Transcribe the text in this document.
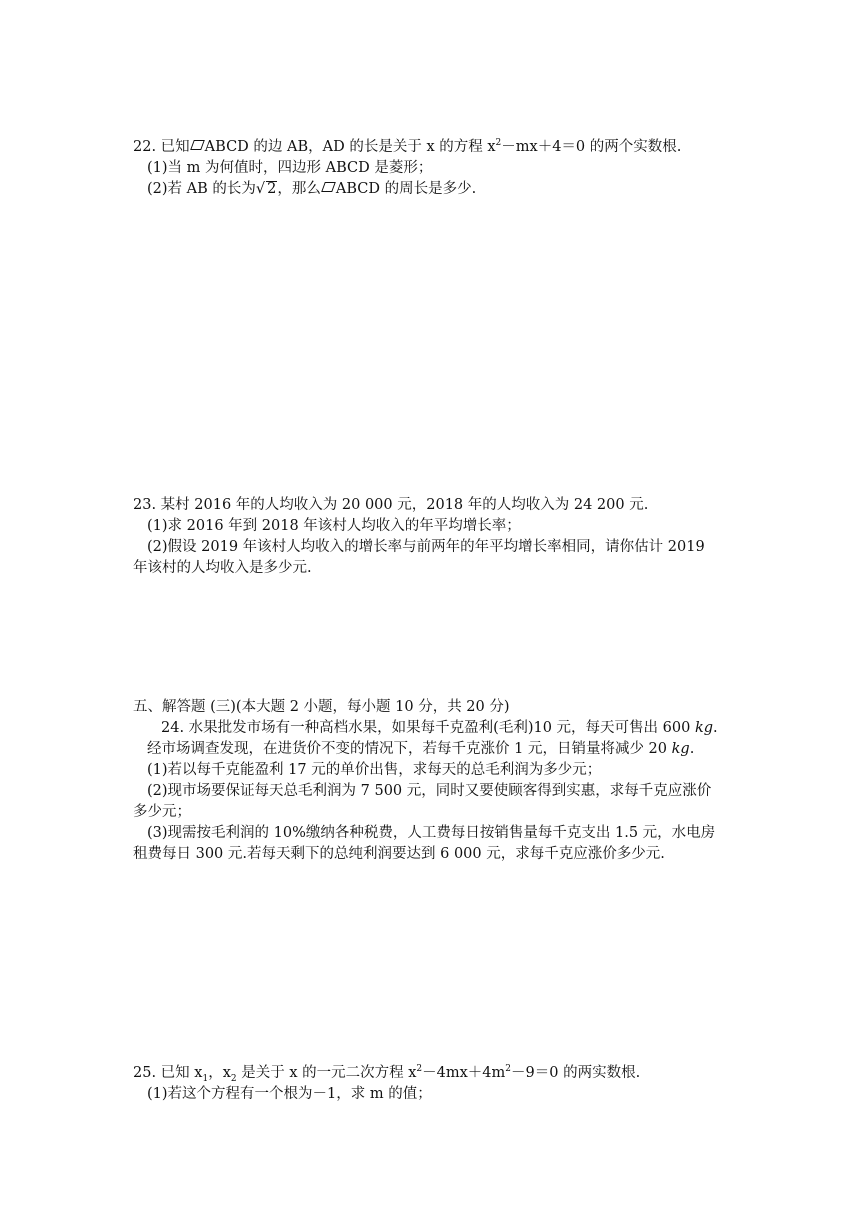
22. 已知 ABCD 的边 AB，AD 的长是关于 x 的方程 $x^2-mx+4=0$ 的两个实数根.
(1)当 m 为何值时，四边形 ABCD 是菱形；
(2)若 AB 的长为√ 2，那么 ABCD 的周长是多少.
23. 某村 2016 年的人均收入为 20 000 元，2018 年的人均收入为 24 200 元.
(1)求 2016 年到 2018 年该村人均收入的年平均增长率；
(2)假设 2019 年该村人均收入的增长率与前两年的年平均增长率相同，请你估计 2019
年该村的人均收入是多少元.
五、解答题 (三)(本大题 2 小题，每小题 10 分，共 20 分)
24. 水果批发市场有一种高档水果，如果每千克盈利(毛利)10 元，每天可售出 600 kg.
经市场调查发现，在进货价不变的情况下，若每千克涨价 1 元，日销量将减少 20 kg.
(1)若以每千克能盈利 17 元的单价出售，求每天的总毛利润为多少元；
(2)现市场要保证每天总毛利润为 7 500 元，同时又要使顾客得到实惠，求每千克应涨价
多少元；
(3)现需按毛利润的 10%缴纳各种税费，人工费每日按销售量每千克支出 1.5 元，水电房
租费每日 300 元.若每天剩下的总纯利润要达到 6 000 元，求每千克应涨价多少元.
25. 已知 $x_1$，$x_2$ 是关于 x 的一元二次方程 $x^2-4mx+4m^2-9=0$ 的两实数根.
(1)若这个方程有一个根为－1，求 m 的值；
